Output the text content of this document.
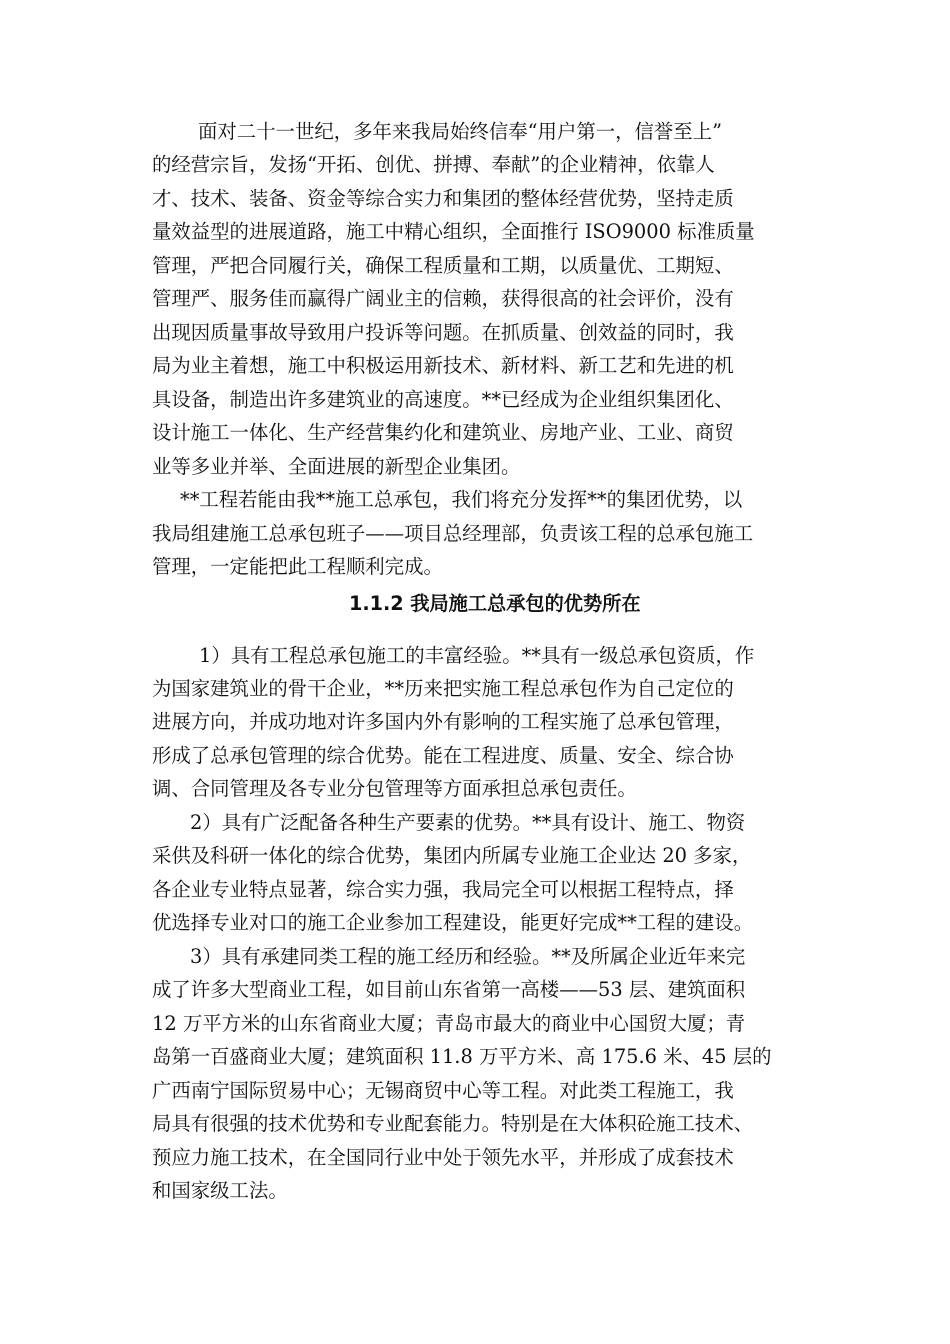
面对二十一世纪，多年来我局始终信奉“用户第一，信誉至上”
的经营宗旨，发扬“开拓、创优、拼搏、奉献”的企业精神，依靠人
才、技术、装备、资金等综合实力和集团的整体经营优势，坚持走质
量效益型的进展道路，施工中精心组织，全面推行 ISO9000 标准质量
管理，严把合同履行关，确保工程质量和工期，以质量优、工期短、
管理严、服务佳而赢得广阔业主的信赖，获得很高的社会评价，没有
出现因质量事故导致用户投诉等问题。在抓质量、创效益的同时，我
局为业主着想，施工中积极运用新技术、新材料、新工艺和先进的机
具设备，制造出许多建筑业的高速度。**已经成为企业组织集团化、
设计施工一体化、生产经营集约化和建筑业、房地产业、工业、商贸
业等多业并举、全面进展的新型企业集团。
**工程若能由我**施工总承包，我们将充分发挥**的集团优势，以
我局组建施工总承包班子——项目总经理部，负责该工程的总承包施工
管理，一定能把此工程顺利完成。
1.1.2 我局施工总承包的优势所在
1）具有工程总承包施工的丰富经验。**具有一级总承包资质，作
为国家建筑业的骨干企业，**历来把实施工程总承包作为自己定位的
进展方向，并成功地对许多国内外有影响的工程实施了总承包管理，
形成了总承包管理的综合优势。能在工程进度、质量、安全、综合协
调、合同管理及各专业分包管理等方面承担总承包责任。
2）具有广泛配备各种生产要素的优势。**具有设计、施工、物资
采供及科研一体化的综合优势，集团内所属专业施工企业达 20 多家，
各企业专业特点显著，综合实力强，我局完全可以根据工程特点，择
优选择专业对口的施工企业参加工程建设，能更好完成**工程的建设。
3）具有承建同类工程的施工经历和经验。**及所属企业近年来完
成了许多大型商业工程，如目前山东省第一高楼——53 层、建筑面积
12 万平方米的山东省商业大厦；青岛市最大的商业中心国贸大厦；青
岛第一百盛商业大厦；建筑面积 11.8 万平方米、高 175.6 米、45 层的
广西南宁国际贸易中心；无锡商贸中心等工程。对此类工程施工，我
局具有很强的技术优势和专业配套能力。特别是在大体积砼施工技术、
预应力施工技术，在全国同行业中处于领先水平，并形成了成套技术
和国家级工法。
